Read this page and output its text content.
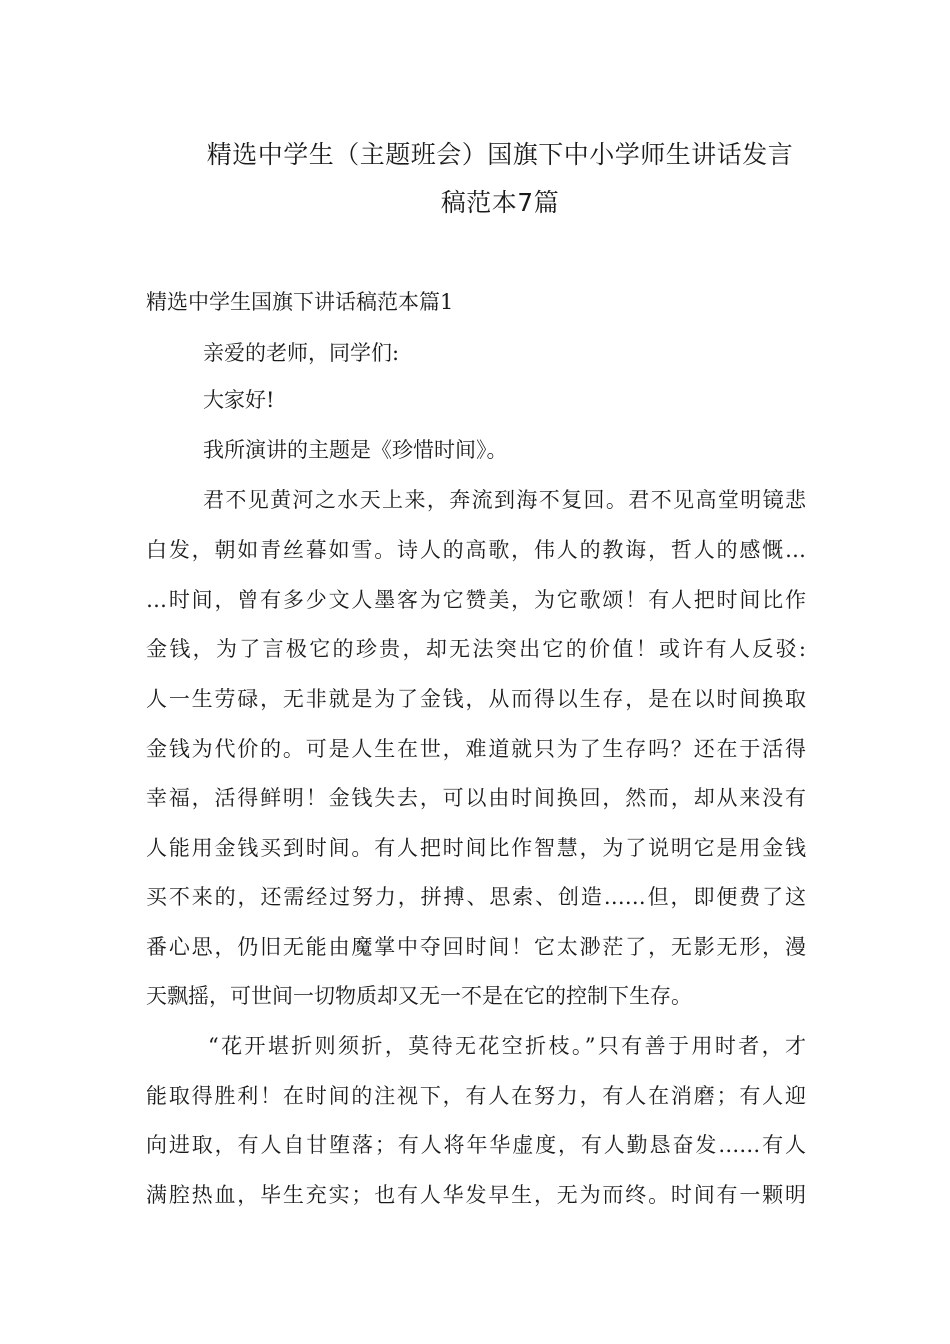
精选中学生（主题班会）国旗下中小学师生讲话发言
稿范本7篇

精选中学生国旗下讲话稿范本篇1

亲爱的老师，同学们:

大家好!

我所演讲的主题是《珍惜时间》。

君不见黄河之水天上来，奔流到海不复回。君不见高堂明镜悲

白发，朝如青丝暮如雪。诗人的高歌，伟人的教诲，哲人的感慨…

…时间，曾有多少文人墨客为它赞美，为它歌颂！有人把时间比作

金钱，为了言极它的珍贵，却无法突出它的价值！或许有人反驳:

人一生劳碌，无非就是为了金钱，从而得以生存，是在以时间换取

金钱为代价的。可是人生在世，难道就只为了生存吗？还在于活得

幸福，活得鲜明！金钱失去，可以由时间换回，然而，却从来没有

人能用金钱买到时间。有人把时间比作智慧，为了说明它是用金钱

买不来的，还需经过努力，拼搏、思索、创造……但，即便费了这

番心思，仍旧无能由魔掌中夺回时间！它太渺茫了，无影无形，漫

天飘摇，可世间一切物质却又无一不是在它的控制下生存。

“花开堪折则须折，莫待无花空折枝。”只有善于用时者，才

能取得胜利！在时间的注视下，有人在努力，有人在消磨；有人迎

向进取，有人自甘堕落；有人将年华虚度，有人勤恳奋发……有人

满腔热血，毕生充实；也有人华发早生，无为而终。时间有一颗明
